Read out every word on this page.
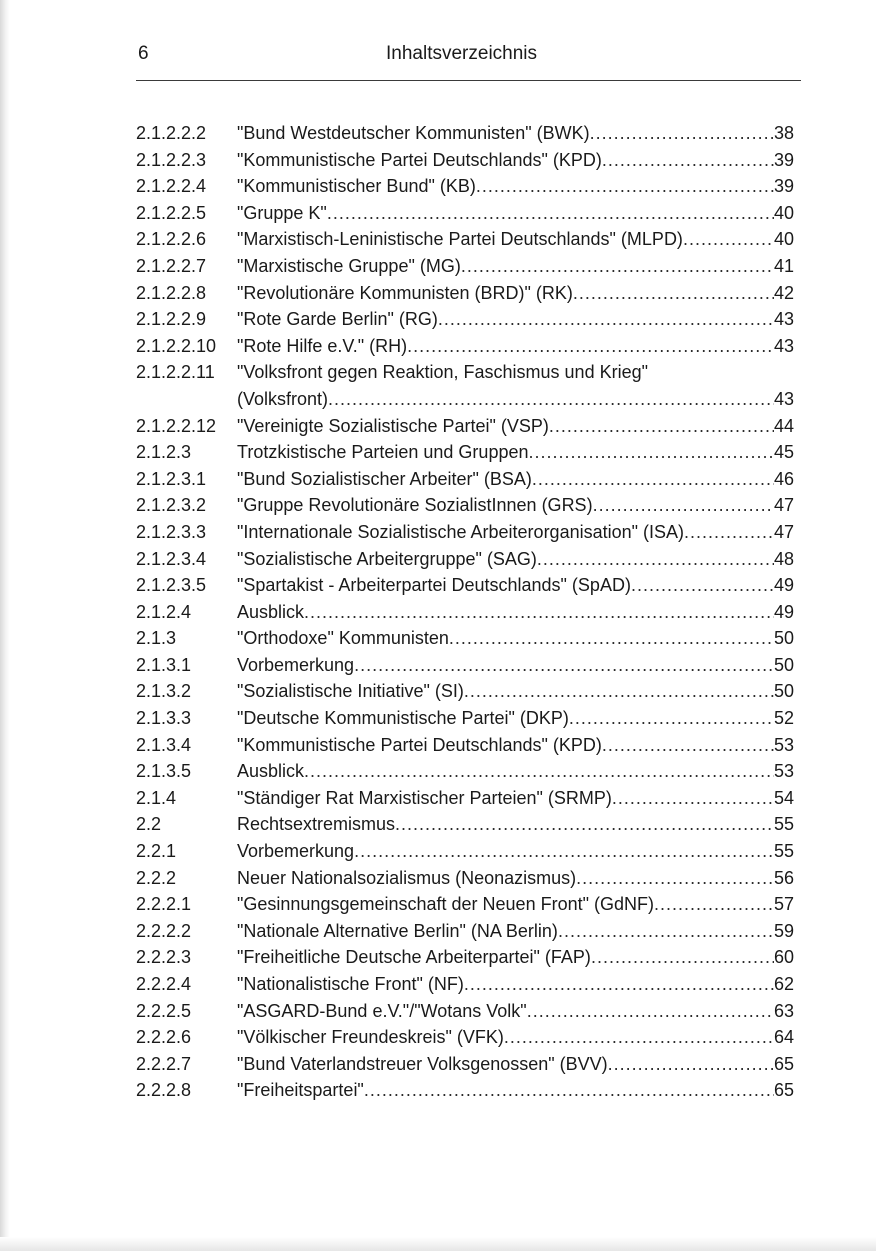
6	Inhaltsverzeichnis

2.1.2.2.2	"Bund Westdeutscher Kommunisten" (BWK) .....	38
2.1.2.2.3	"Kommunistische Partei Deutschlands" (KPD) .....	39
2.1.2.2.4	"Kommunistischer Bund" (KB) .....	39
2.1.2.2.5	"Gruppe K" .....	40
2.1.2.2.6	"Marxistisch-Leninistische Partei Deutschlands" (MLPD) .....	40
2.1.2.2.7	"Marxistische Gruppe" (MG) .....	41
2.1.2.2.8	"Revolutionäre Kommunisten (BRD)" (RK) .....	42
2.1.2.2.9	"Rote Garde Berlin" (RG) .....	43
2.1.2.2.10	"Rote Hilfe e.V." (RH) .....	43
2.1.2.2.11	"Volksfront gegen Reaktion, Faschismus und Krieg"
(Volksfront) .....	43
2.1.2.2.12	"Vereinigte Sozialistische Partei" (VSP) .....	44
2.1.2.3	Trotzkistische Parteien und Gruppen .....	45
2.1.2.3.1	"Bund Sozialistischer Arbeiter" (BSA) .....	46
2.1.2.3.2	"Gruppe Revolutionäre SozialistInnen (GRS) .....	47
2.1.2.3.3	"Internationale Sozialistische Arbeiterorganisation" (ISA) .....	47
2.1.2.3.4	"Sozialistische Arbeitergruppe" (SAG) .....	48
2.1.2.3.5	"Spartakist - Arbeiterpartei Deutschlands" (SpAD) .....	49
2.1.2.4	Ausblick .....	49
2.1.3	"Orthodoxe" Kommunisten .....	50
2.1.3.1	Vorbemerkung .....	50
2.1.3.2	"Sozialistische Initiative" (SI) .....	50
2.1.3.3	"Deutsche Kommunistische Partei" (DKP) .....	52
2.1.3.4	"Kommunistische Partei Deutschlands" (KPD) .....	53
2.1.3.5	Ausblick .....	53
2.1.4	"Ständiger Rat Marxistischer Parteien" (SRMP) .....	54
2.2	Rechtsextremismus .....	55
2.2.1	Vorbemerkung .....	55
2.2.2	Neuer Nationalsozialismus (Neonazismus) .....	56
2.2.2.1	"Gesinnungsgemeinschaft der Neuen Front" (GdNF) .....	57
2.2.2.2	"Nationale Alternative Berlin" (NA Berlin) .....	59
2.2.2.3	"Freiheitliche Deutsche Arbeiterpartei" (FAP) .....	60
2.2.2.4	"Nationalistische Front" (NF) .....	62
2.2.2.5	"ASGARD-Bund e.V."/"Wotans Volk" .....	63
2.2.2.6	"Völkischer Freundeskreis" (VFK) .....	64
2.2.2.7	"Bund Vaterlandstreuer Volksgenossen" (BVV) .....	65
2.2.2.8	"Freiheitspartei" .....	65
